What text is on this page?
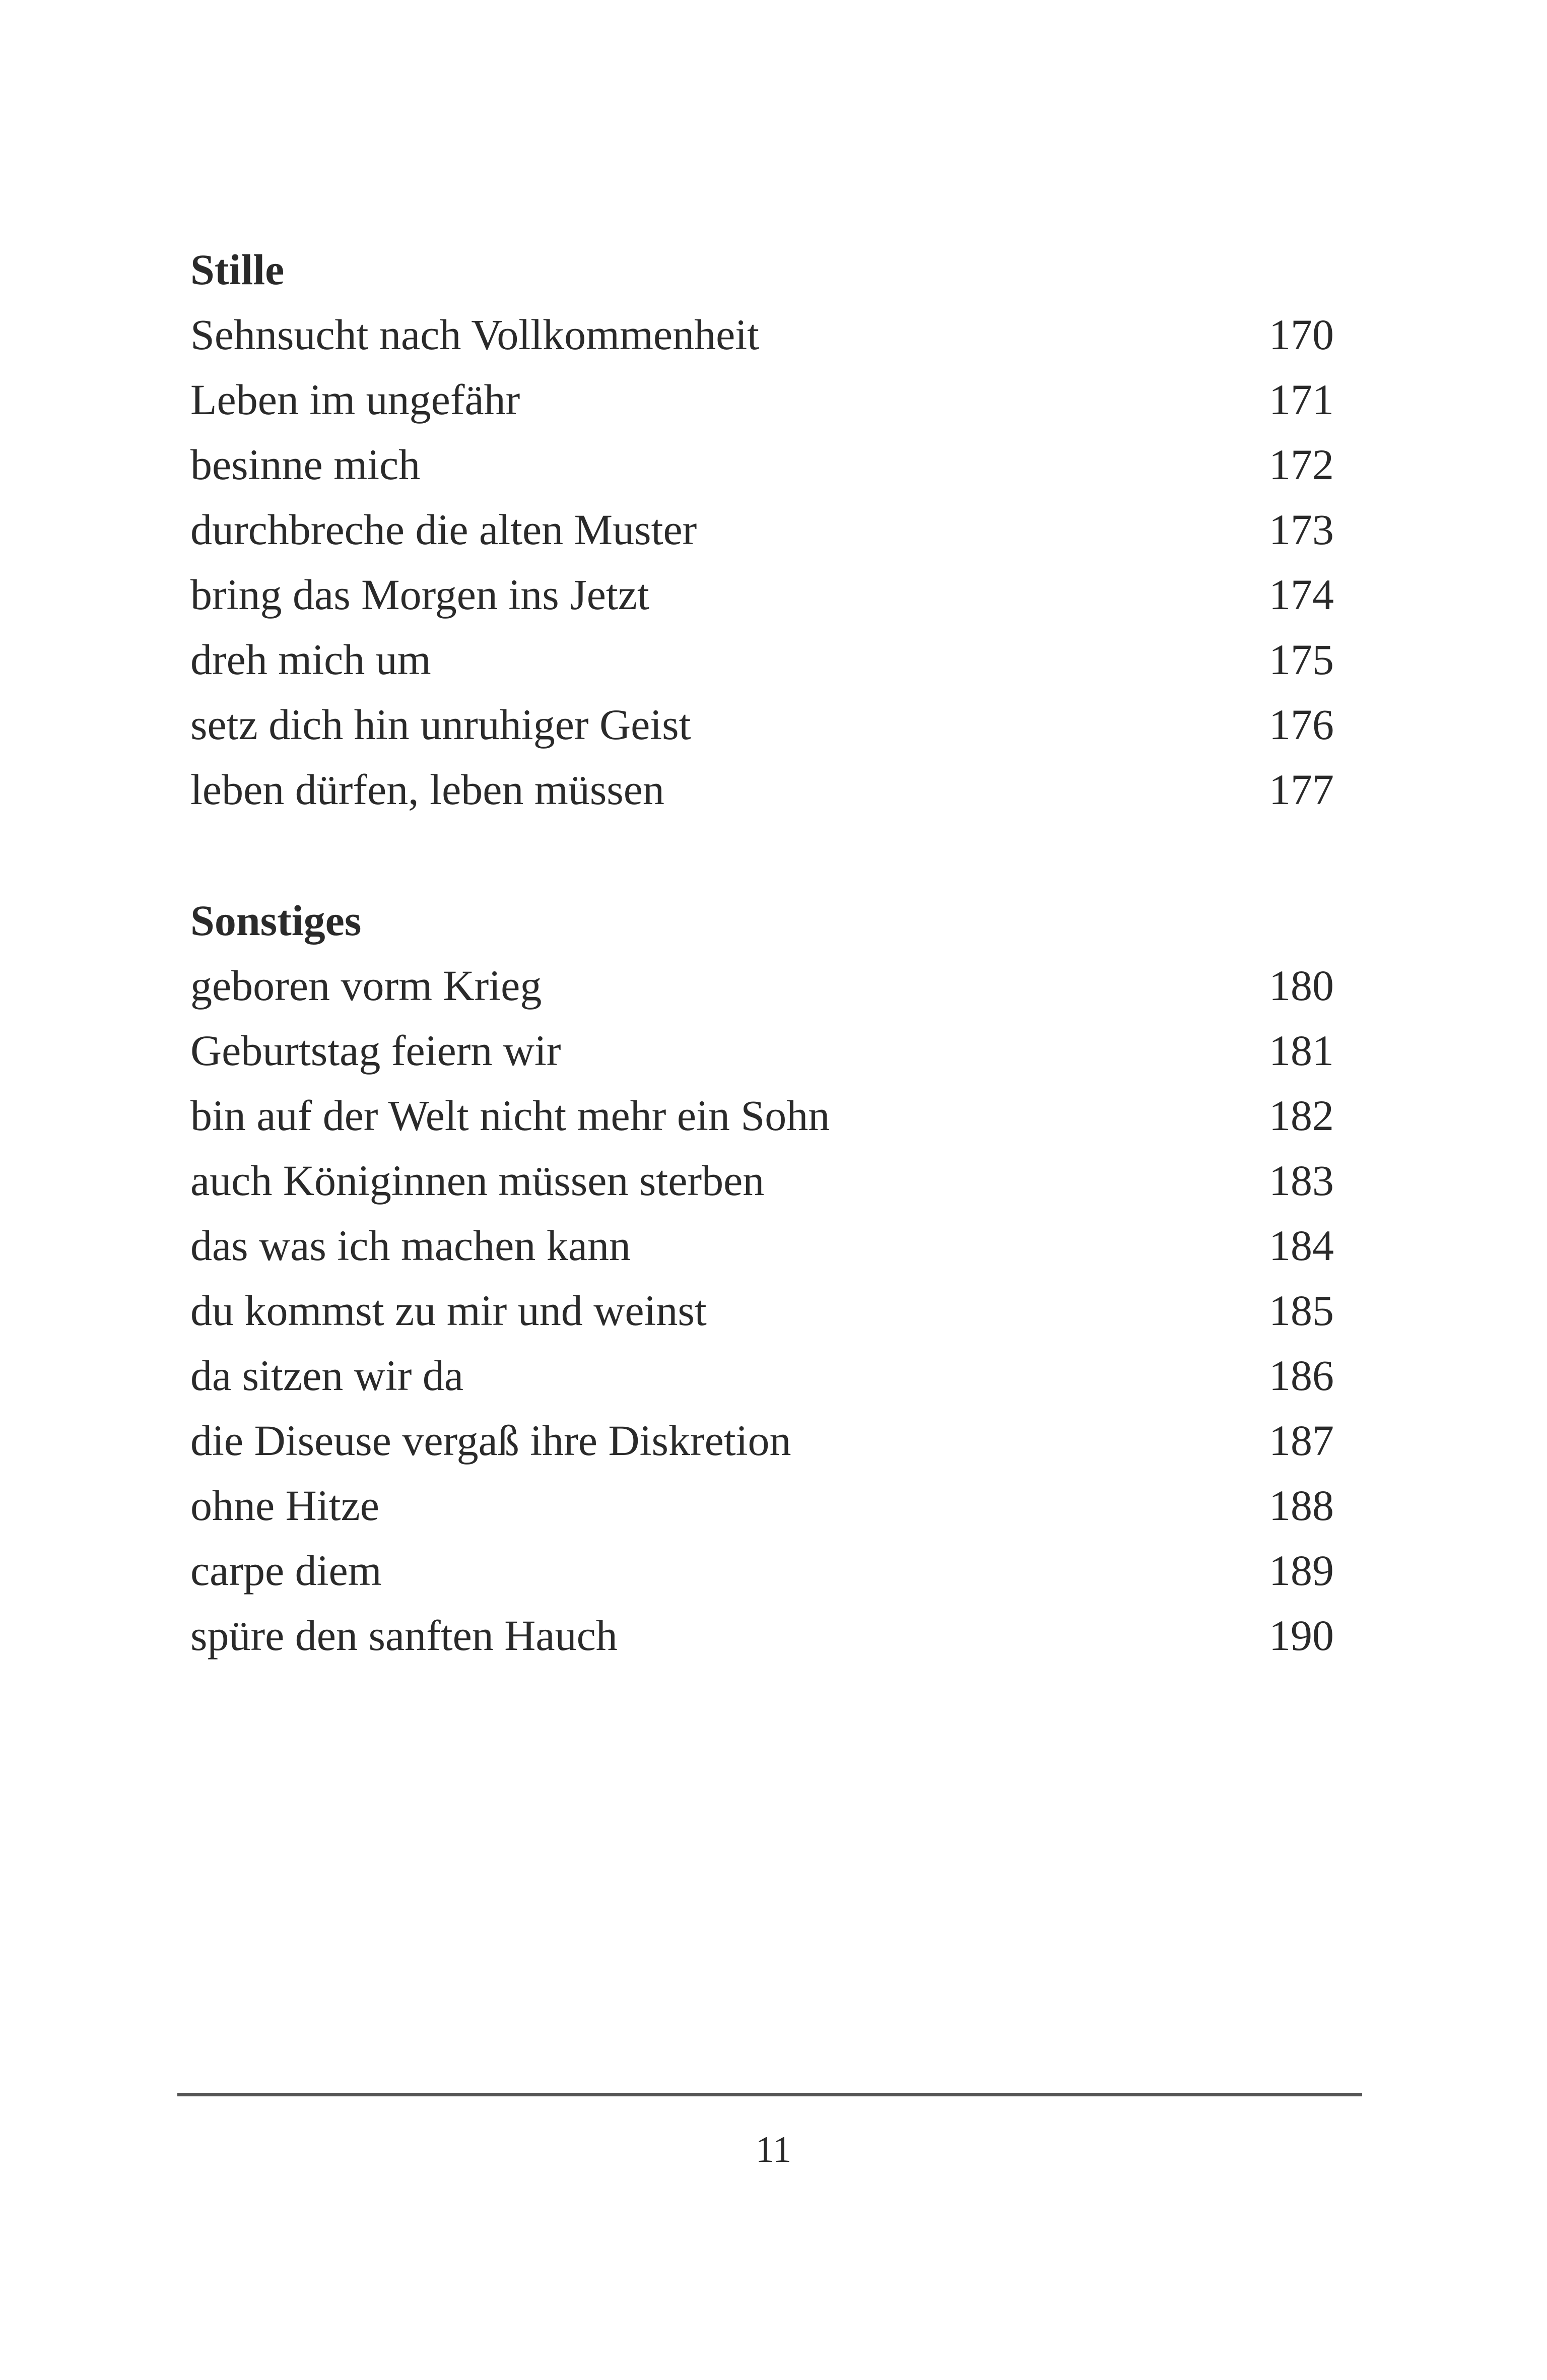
Stille
Sehnsucht nach Vollkommenheit	170
Leben im ungefähr	171
besinne mich	172
durchbreche die alten Muster	173
bring das Morgen ins Jetzt	174
dreh mich um	175
setz dich hin unruhiger Geist	176
leben dürfen, leben müssen	177
Sonstiges
geboren vorm Krieg	180
Geburtstag feiern wir	181
bin auf der Welt nicht mehr ein Sohn	182
auch Königinnen müssen sterben	183
das was ich machen kann	184
du kommst zu mir und weinst	185
da sitzen wir da	186
die Diseuse vergaß ihre Diskretion	187
ohne Hitze	188
carpe diem	189
spüre den sanften Hauch	190
11
